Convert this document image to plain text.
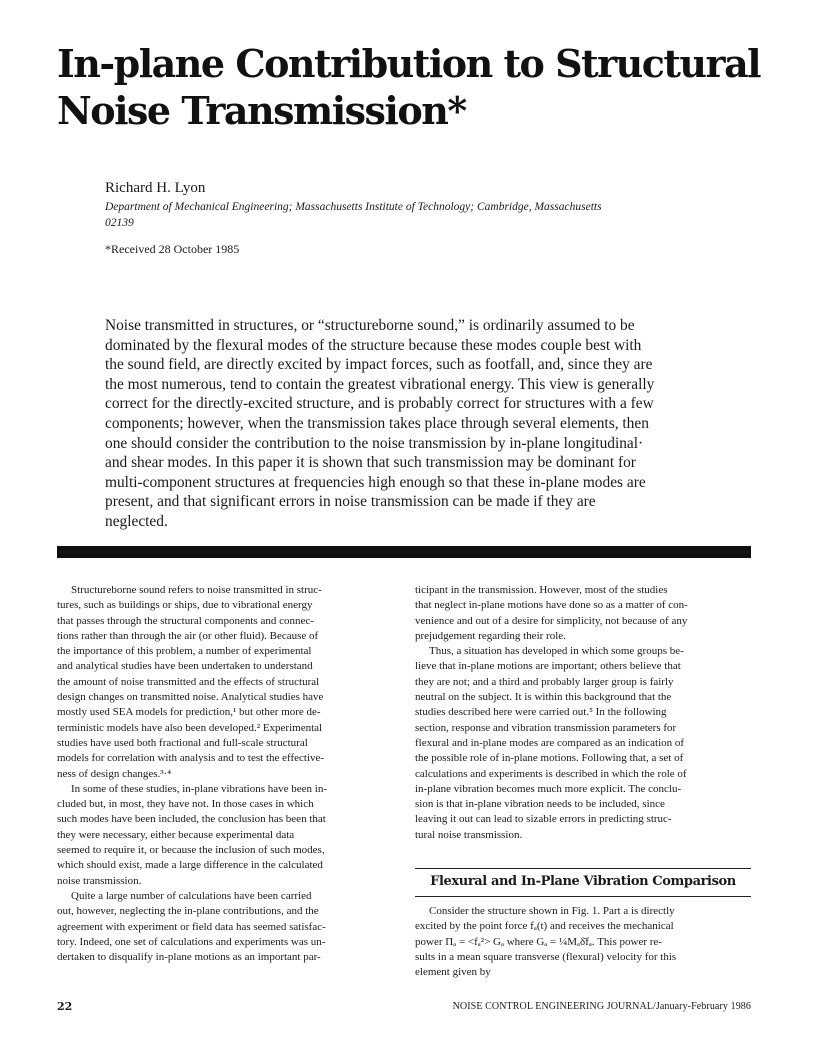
In-plane Contribution to Structural
Noise Transmission*
Richard H. Lyon
Department of Mechanical Engineering; Massachusetts Institute of Technology; Cambridge, Massachusetts
02139
*Received 28 October 1985
Noise transmitted in structures, or “structureborne sound,” is ordinarily assumed to be
dominated by the flexural modes of the structure because these modes couple best with
the sound field, are directly excited by impact forces, such as footfall, and, since they are
the most numerous, tend to contain the greatest vibrational energy. This view is generally
correct for the directly-excited structure, and is probably correct for structures with a few
components; however, when the transmission takes place through several elements, then
one should consider the contribution to the noise transmission by in-plane longitudinal·
and shear modes. In this paper it is shown that such transmission may be dominant for
multi-component structures at frequencies high enough so that these in-plane modes are
present, and that significant errors in noise transmission can be made if they are
neglected.
Structureborne sound refers to noise transmitted in struc-
tures, such as buildings or ships, due to vibrational energy
that passes through the structural components and connec-
tions rather than through the air (or other fluid). Because of
the importance of this problem, a number of experimental
and analytical studies have been undertaken to understand
the amount of noise transmitted and the effects of structural
design changes on transmitted noise. Analytical studies have
mostly used SEA models for prediction,¹ but other more de-
terministic models have also been developed.² Experimental
studies have used both fractional and full-scale structural
models for correlation with analysis and to test the effective-
ness of design changes.³·⁴
In some of these studies, in-plane vibrations have been in-
cluded but, in most, they have not. In those cases in which
such modes have been included, the conclusion has been that
they were necessary, either because experimental data
seemed to require it, or because the inclusion of such modes,
which should exist, made a large difference in the calculated
noise transmission.
Quite a large number of calculations have been carried
out, however, neglecting the in-plane contributions, and the
agreement with experiment or field data has seemed satisfac-
tory. Indeed, one set of calculations and experiments was un-
dertaken to disqualify in-plane motions as an important par-
ticipant in the transmission. However, most of the studies
that neglect in-plane motions have done so as a matter of con-
venience and out of a desire for simplicity, not because of any
prejudgement regarding their role.
Thus, a situation has developed in which some groups be-
lieve that in-plane motions are important; others believe that
they are not; and a third and probably larger group is fairly
neutral on the subject. It is within this background that the
studies described here were carried out.⁵ In the following
section, response and vibration transmission parameters for
flexural and in-plane modes are compared as an indication of
the possible role of in-plane motions. Following that, a set of
calculations and experiments is described in which the role of
in-plane vibration becomes much more explicit. The conclu-
sion is that in-plane vibration needs to be included, since
leaving it out can lead to sizable errors in predicting struc-
tural noise transmission.
Flexural and In-Plane Vibration Comparison
Consider the structure shown in Fig. 1. Part a is directly
excited by the point force fₐ(t) and receives the mechanical
power Πₐ = <fₐ²> Gₐ where Gₐ = ¼Mₐδ̄fₐ. This power re-
sults in a mean square transverse (flexural) velocity for this
element given by
22	NOISE CONTROL ENGINEERING JOURNAL/January-February 1986
